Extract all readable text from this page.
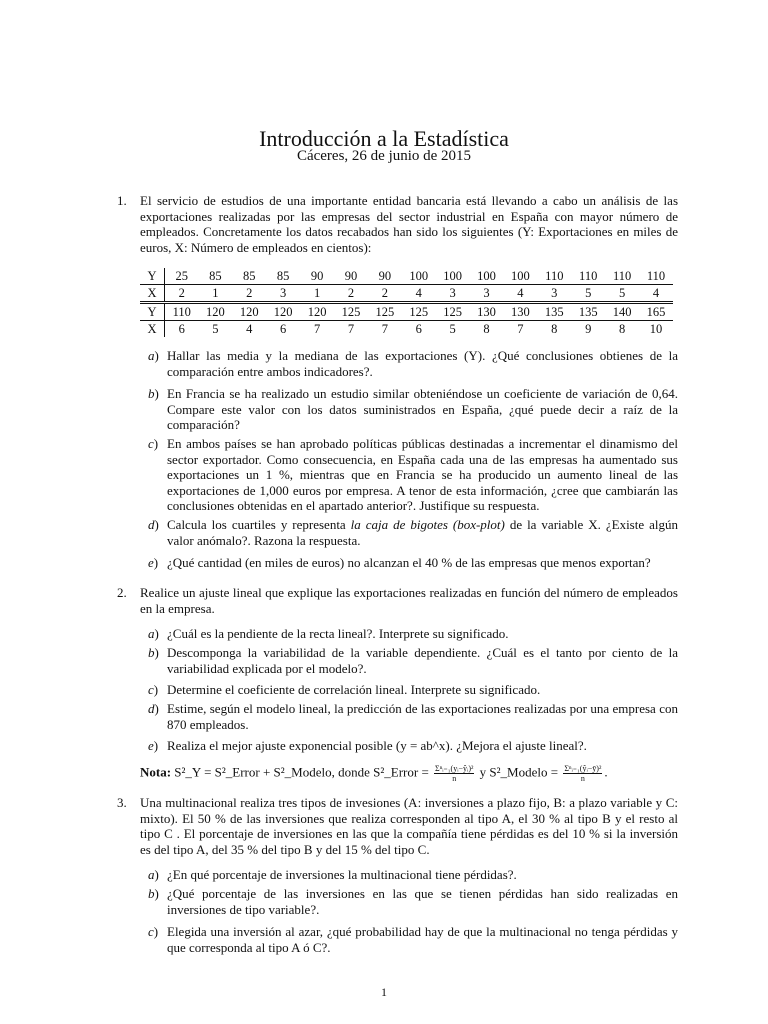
Introducción a la Estadística
Cáceres, 26 de junio de 2015
1. El servicio de estudios de una importante entidad bancaria está llevando a cabo un análisis de las exportaciones realizadas por las empresas del sector industrial en España con mayor número de empleados. Concretamente los datos recabados han sido los siguientes (Y: Exportaciones en miles de euros, X: Número de empleados en cientos):
Y	25	85	85	85	90	90	90	100	100	100	100	110	110	110	110
X	2	1	2	3	1	2	2	4	3	3	4	3	5	5	4
Y	110	120	120	120	120	125	125	125	125	130	130	135	135	140	165
X	6	5	4	6	7	7	7	6	5	8	7	8	9	8	10
a) Hallar las media y la mediana de las exportaciones (Y). ¿Qué conclusiones obtienes de la comparación entre ambos indicadores?.
b) En Francia se ha realizado un estudio similar obteniéndose un coeficiente de variación de 0,64. Compare este valor con los datos suministrados en España, ¿qué puede decir a raíz de la comparación?
c) En ambos países se han aprobado políticas públicas destinadas a incrementar el dinamismo del sector exportador. Como consecuencia, en España cada una de las empresas ha aumentado sus exportaciones un 1 %, mientras que en Francia se ha producido un aumento lineal de las exportaciones de 1,000 euros por empresa. A tenor de esta información, ¿cree que cambiarán las conclusiones obtenidas en el apartado anterior?. Justifique su respuesta.
d) Calcula los cuartiles y representa la caja de bigotes (box-plot) de la variable X. ¿Existe algún valor anómalo?. Razona la respuesta.
e) ¿Qué cantidad (en miles de euros) no alcanzan el 40 % de las empresas que menos exportan?
2. Realice un ajuste lineal que explique las exportaciones realizadas en función del número de empleados en la empresa.
a) ¿Cuál es la pendiente de la recta lineal?. Interprete su significado.
b) Descomponga la variabilidad de la variable dependiente. ¿Cuál es el tanto por ciento de la variabilidad explicada por el modelo?.
c) Determine el coeficiente de correlación lineal. Interprete su significado.
d) Estime, según el modelo lineal, la predicción de las exportaciones realizadas por una empresa con 870 empleados.
e) Realiza el mejor ajuste exponencial posible (y = ab^x). ¿Mejora el ajuste lineal?.
Nota: S²_Y = S²_Error + S²_Modelo, donde S²_Error = $\frac{\text{Σⁿᵢ₌₁(yᵢ−ŷᵢ)²}}{n}$ y S²_Modelo = $\frac{\text{Σⁿᵢ₌₁(ŷᵢ−ȳ)²}}{n}$ .
3. Una multinacional realiza tres tipos de invesiones (A: inversiones a plazo fijo, B: a plazo variable y C: mixto). El 50 % de las inversiones que realiza corresponden al tipo A, el 30 % al tipo B y el resto al tipo C . El porcentaje de inversiones en las que la compañía tiene pérdidas es del 10 % si la inversión es del tipo A, del 35 % del tipo B y del 15 % del tipo C.
a) ¿En qué porcentaje de inversiones la multinacional tiene pérdidas?.
b) ¿Qué porcentaje de las inversiones en las que se tienen pérdidas han sido realizadas en inversiones de tipo variable?.
c) Elegida una inversión al azar, ¿qué probabilidad hay de que la multinacional no tenga pérdidas y que corresponda al tipo A ó C?.
1
